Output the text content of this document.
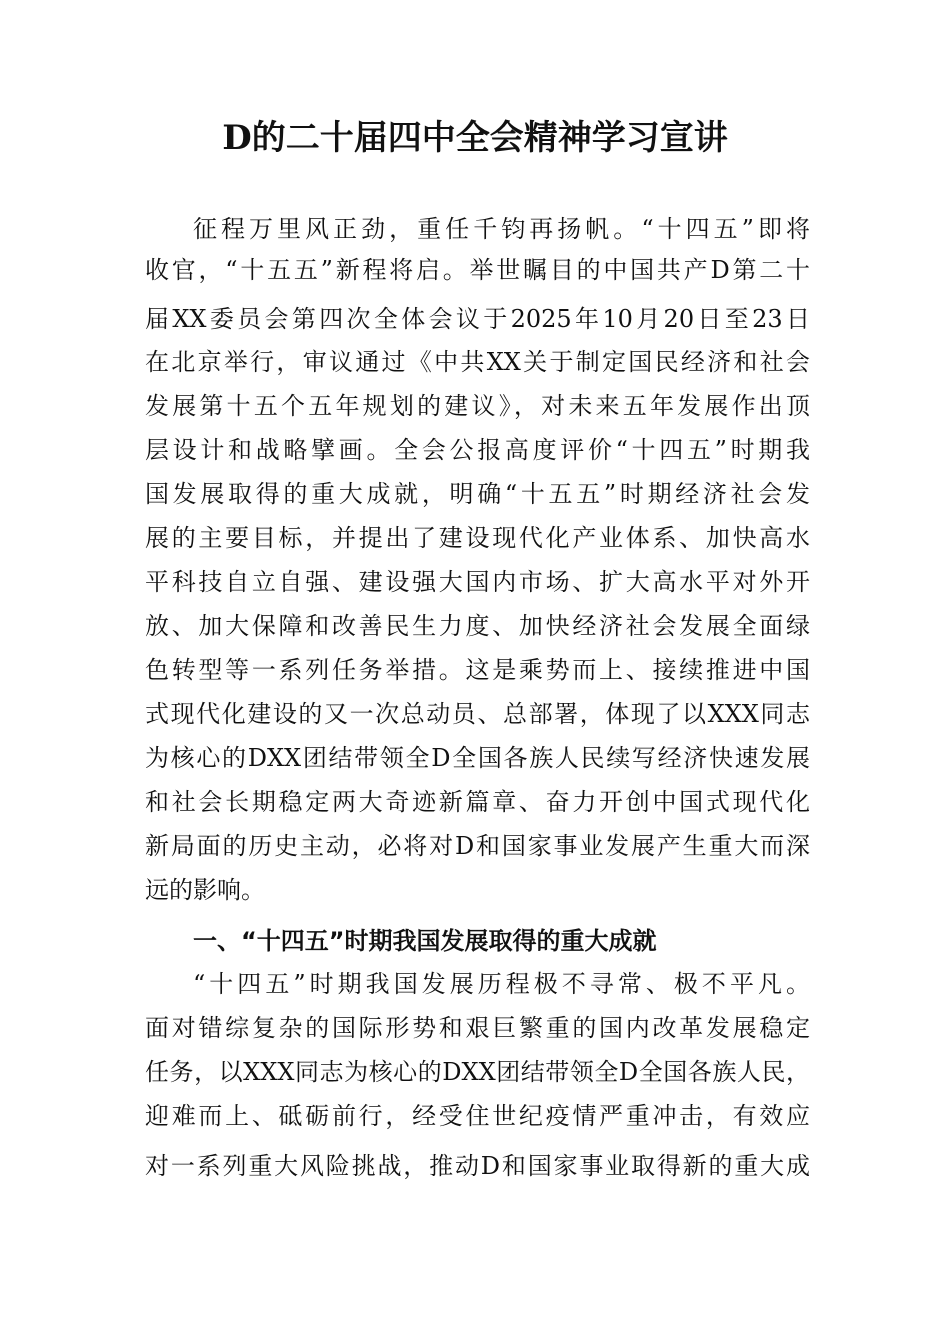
D的二十届四中全会精神学习宣讲
征程万里风正劲，重任千钧再扬帆。“十四五”即将
收官，“十五五”新程将启。举世瞩目的中国共产D第二十
届XX委员会第四次全体会议于2025年10月20日至23日
在北京举行，审议通过《中共XX关于制定国民经济和社会
发展第十五个五年规划的建议》，对未来五年发展作出顶
层设计和战略擘画。全会公报高度评价“十四五”时期我
国发展取得的重大成就，明确“十五五”时期经济社会发
展的主要目标，并提出了建设现代化产业体系、加快高水
平科技自立自强、建设强大国内市场、扩大高水平对外开
放、加大保障和改善民生力度、加快经济社会发展全面绿
色转型等一系列任务举措。这是乘势而上、接续推进中国
式现代化建设的又一次总动员、总部署，体现了以XXX同志
为核心的DXX团结带领全D全国各族人民续写经济快速发展
和社会长期稳定两大奇迹新篇章、奋力开创中国式现代化
新局面的历史主动，必将对D和国家事业发展产生重大而深
远的影响。
一、“十四五”时期我国发展取得的重大成就
“十四五”时期我国发展历程极不寻常、极不平凡。
面对错综复杂的国际形势和艰巨繁重的国内改革发展稳定
任务，以XXX同志为核心的DXX团结带领全D全国各族人民，
迎难而上、砥砺前行，经受住世纪疫情严重冲击，有效应
对一系列重大风险挑战，推动D和国家事业取得新的重大成
